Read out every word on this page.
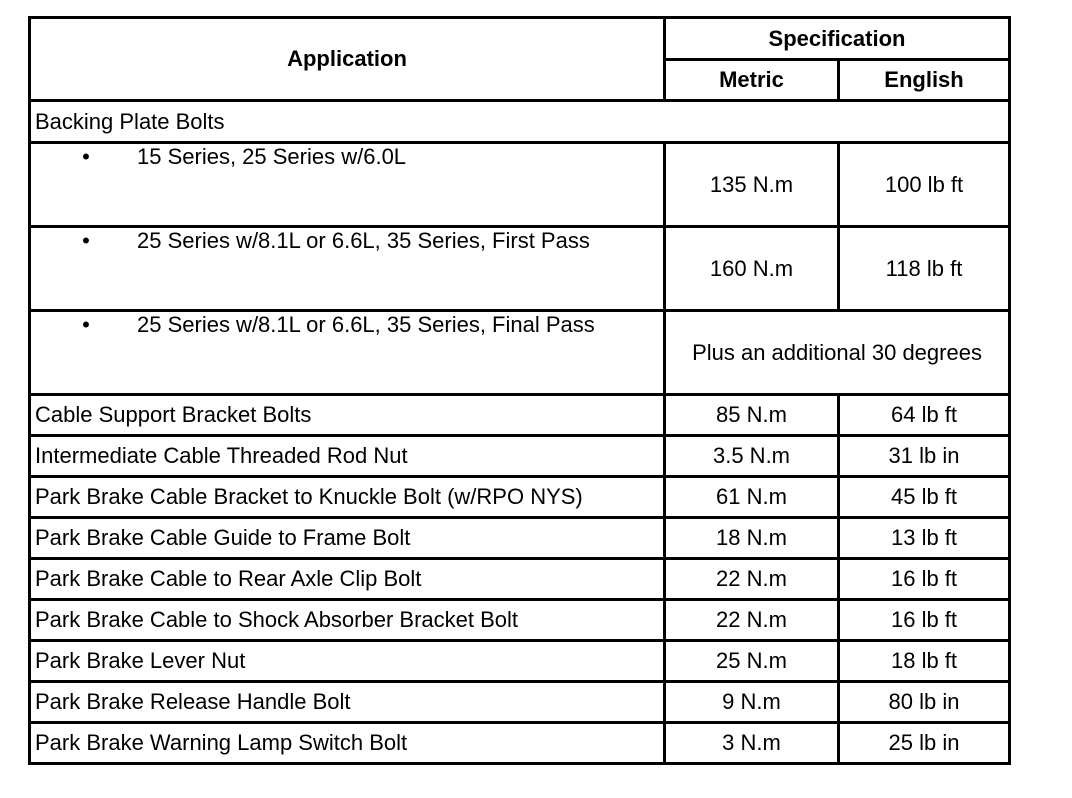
Application	Specification	
	Metric	English
Backing Plate Bolts		
• 15 Series, 25 Series w/6.0L	135 N.m	100 lb ft
• 25 Series w/8.1L or 6.6L, 35 Series, First Pass	160 N.m	118 lb ft
• 25 Series w/8.1L or 6.6L, 35 Series, Final Pass	Plus an additional 30 degrees	
Cable Support Bracket Bolts	85 N.m	64 lb ft
Intermediate Cable Threaded Rod Nut	3.5 N.m	31 lb in
Park Brake Cable Bracket to Knuckle Bolt (w/RPO NYS)	61 N.m	45 lb ft
Park Brake Cable Guide to Frame Bolt	18 N.m	13 lb ft
Park Brake Cable to Rear Axle Clip Bolt	22 N.m	16 lb ft
Park Brake Cable to Shock Absorber Bracket Bolt	22 N.m	16 lb ft
Park Brake Lever Nut	25 N.m	18 lb ft
Park Brake Release Handle Bolt	9 N.m	80 lb in
Park Brake Warning Lamp Switch Bolt	3 N.m	25 lb in
